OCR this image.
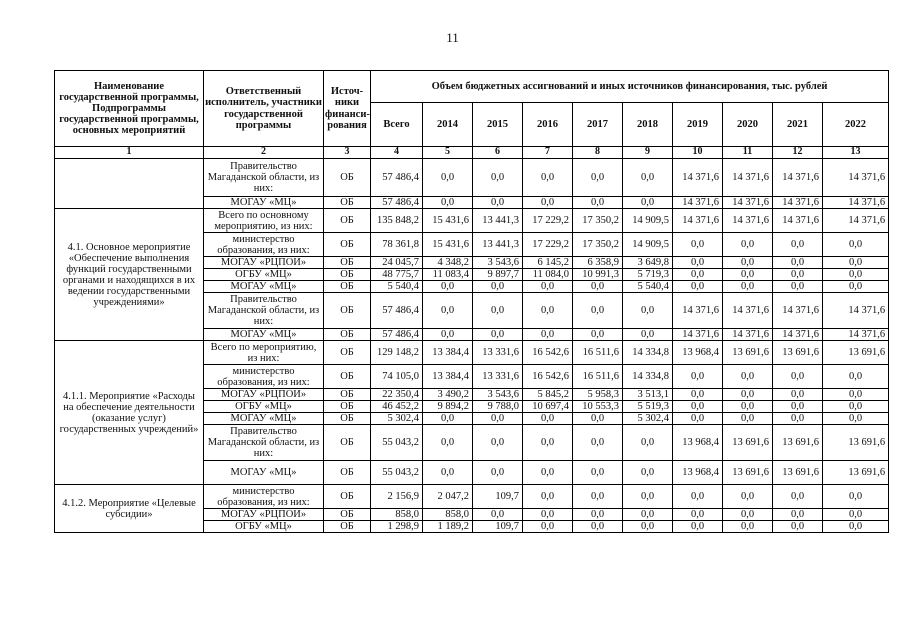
11
Наименование государственной программы, Подпрограммы государственной программы, основных мероприятий	Ответственный исполнитель, участники государственной программы	Источ-ники финанси-рования	Объем бюджетных ассигнований и иных источников финансирования, тыс. рублей									
			Всего	2014	2015	2016	2017	2018	2019	2020	2021	2022
1	2	3	4	5	6	7	8	9	10	11	12	13
	Правительство Магаданской области, из них:	ОБ	57 486,4	0,0	0,0	0,0	0,0	0,0	14 371,6	14 371,6	14 371,6	14 371,6
	МОГАУ «МЦ»	ОБ	57 486,4	0,0	0,0	0,0	0,0	0,0	14 371,6	14 371,6	14 371,6	14 371,6
4.1. Основное мероприятие «Обеспечение выполнения функций государственными органами и находящихся в их ведении государственными учреждениями»	Всего по основному мероприятию, из них:	ОБ	135 848,2	15 431,6	13 441,3	17 229,2	17 350,2	14 909,5	14 371,6	14 371,6	14 371,6	14 371,6
	министерство образования, из них:	ОБ	78 361,8	15 431,6	13 441,3	17 229,2	17 350,2	14 909,5	0,0	0,0	0,0	0,0
	МОГАУ «РЦПОИ»	ОБ	24 045,7	4 348,2	3 543,6	6 145,2	6 358,9	3 649,8	0,0	0,0	0,0	0,0
	ОГБУ «МЦ»	ОБ	48 775,7	11 083,4	9 897,7	11 084,0	10 991,3	5 719,3	0,0	0,0	0,0	0,0
	МОГАУ «МЦ»	ОБ	5 540,4	0,0	0,0	0,0	0,0	5 540,4	0,0	0,0	0,0	0,0
	Правительство Магаданской области, из них:	ОБ	57 486,4	0,0	0,0	0,0	0,0	0,0	14 371,6	14 371,6	14 371,6	14 371,6
	МОГАУ «МЦ»	ОБ	57 486,4	0,0	0,0	0,0	0,0	0,0	14 371,6	14 371,6	14 371,6	14 371,6
4.1.1. Мероприятие «Расходы на обеспечение деятельности (оказание услуг) государственных учреждений»	Всего по мероприятию, из них:	ОБ	129 148,2	13 384,4	13 331,6	16 542,6	16 511,6	14 334,8	13 968,4	13 691,6	13 691,6	13 691,6
	министерство образования, из них:	ОБ	74 105,0	13 384,4	13 331,6	16 542,6	16 511,6	14 334,8	0,0	0,0	0,0	0,0
	МОГАУ «РЦПОИ»	ОБ	22 350,4	3 490,2	3 543,6	5 845,2	5 958,3	3 513,1	0,0	0,0	0,0	0,0
	ОГБУ «МЦ»	ОБ	46 452,2	9 894,2	9 788,0	10 697,4	10 553,3	5 519,3	0,0	0,0	0,0	0,0
	МОГАУ «МЦ»	ОБ	5 302,4	0,0	0,0	0,0	0,0	5 302,4	0,0	0,0	0,0	0,0
	Правительство Магаданской области, из них:	ОБ	55 043,2	0,0	0,0	0,0	0,0	0,0	13 968,4	13 691,6	13 691,6	13 691,6
	МОГАУ «МЦ»	ОБ	55 043,2	0,0	0,0	0,0	0,0	0,0	13 968,4	13 691,6	13 691,6	13 691,6
4.1.2. Мероприятие «Целевые субсидии»	министерство образования, из них:	ОБ	2 156,9	2 047,2	109,7	0,0	0,0	0,0	0,0	0,0	0,0	0,0
	МОГАУ «РЦПОИ»	ОБ	858,0	858,0	0,0	0,0	0,0	0,0	0,0	0,0	0,0	0,0
	ОГБУ «МЦ»	ОБ	1 298,9	1 189,2	109,7	0,0	0,0	0,0	0,0	0,0	0,0	0,0
